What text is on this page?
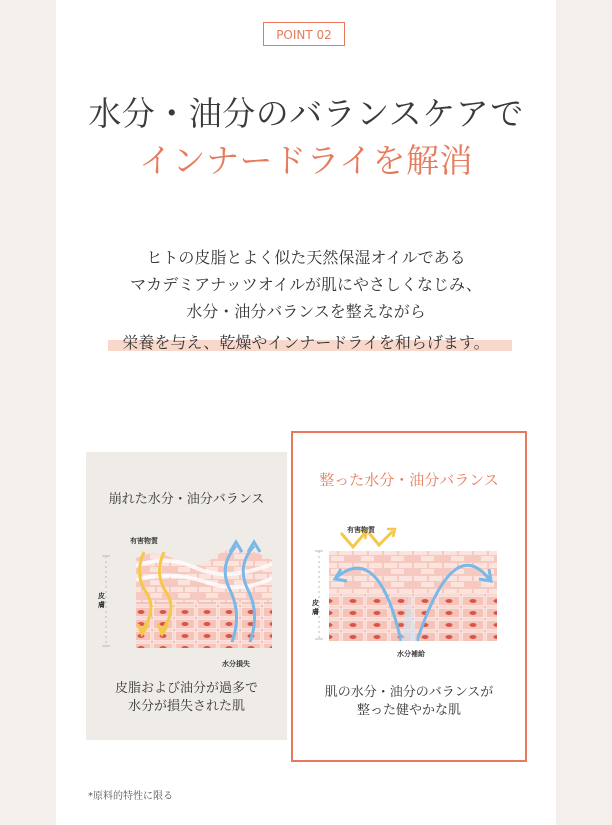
POINT 02
水分・油分のバランスケアで
インナードライを解消
ヒトの皮脂とよく似た天然保湿オイルである
マカデミアナッツオイルが肌にやさしくなじみ、
水分・油分バランスを整えながら
栄養を与え、乾燥やインナードライを和らげます。
崩れた水分・油分バランス
有害物質
皮膚
水分損失
皮脂および油分が過多で
水分が損失された肌
整った水分・油分バランス
有害物質
皮膚
水分補給
肌の水分・油分のバランスが
整った健やかな肌
*原料的特性に限る
